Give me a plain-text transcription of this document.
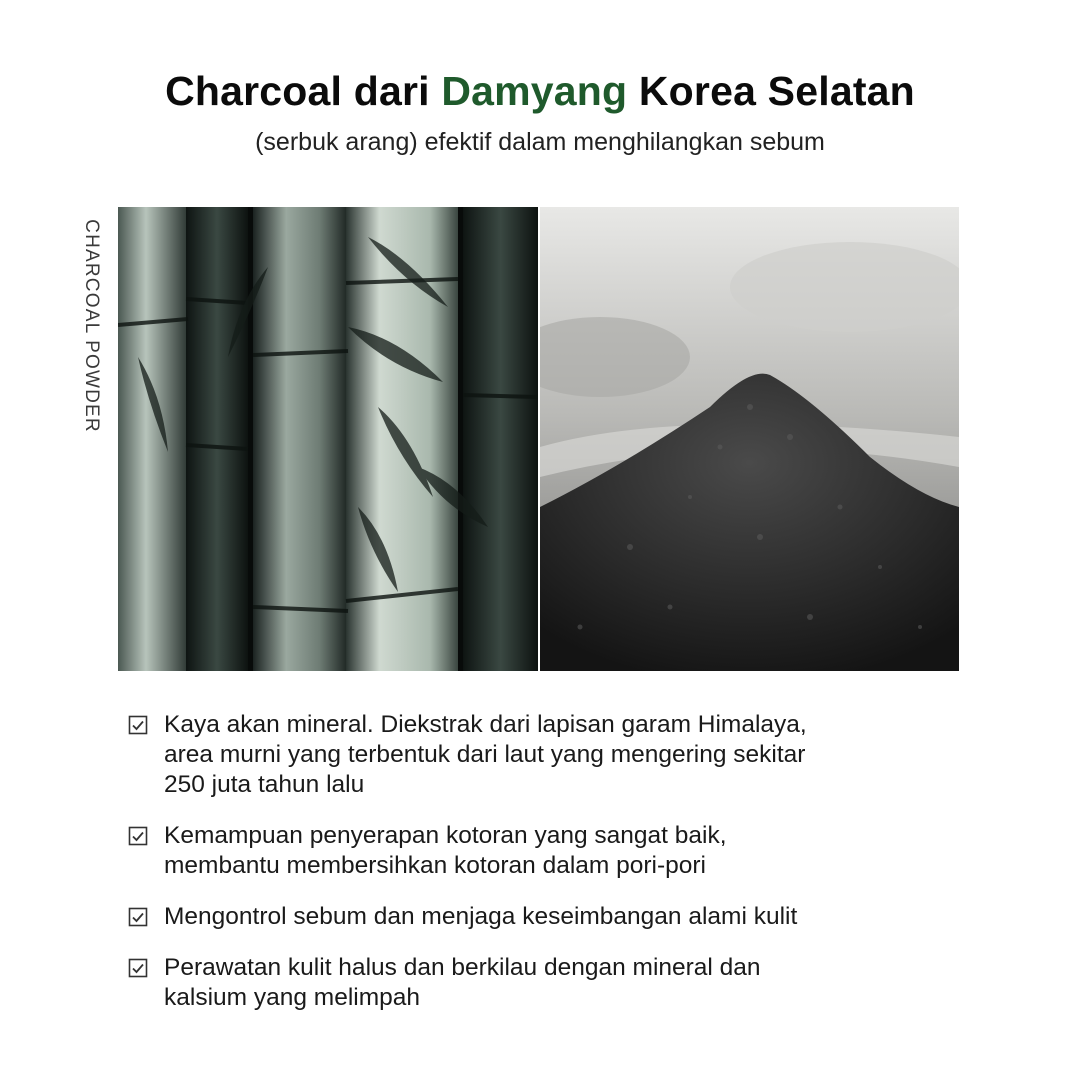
Charcoal dari Damyang Korea Selatan

(serbuk arang) efektif dalam menghilangkan sebum

CHARCOAL POWDER
Kaya akan mineral. Diekstrak dari lapisan garam Himalaya,
area murni yang terbentuk dari laut yang mengering sekitar
250 juta tahun lalu
Kemampuan penyerapan kotoran yang sangat baik,
membantu membersihkan kotoran dalam pori-pori
Mengontrol sebum dan menjaga keseimbangan alami kulit
Perawatan kulit halus dan berkilau dengan mineral dan
kalsium yang melimpah
